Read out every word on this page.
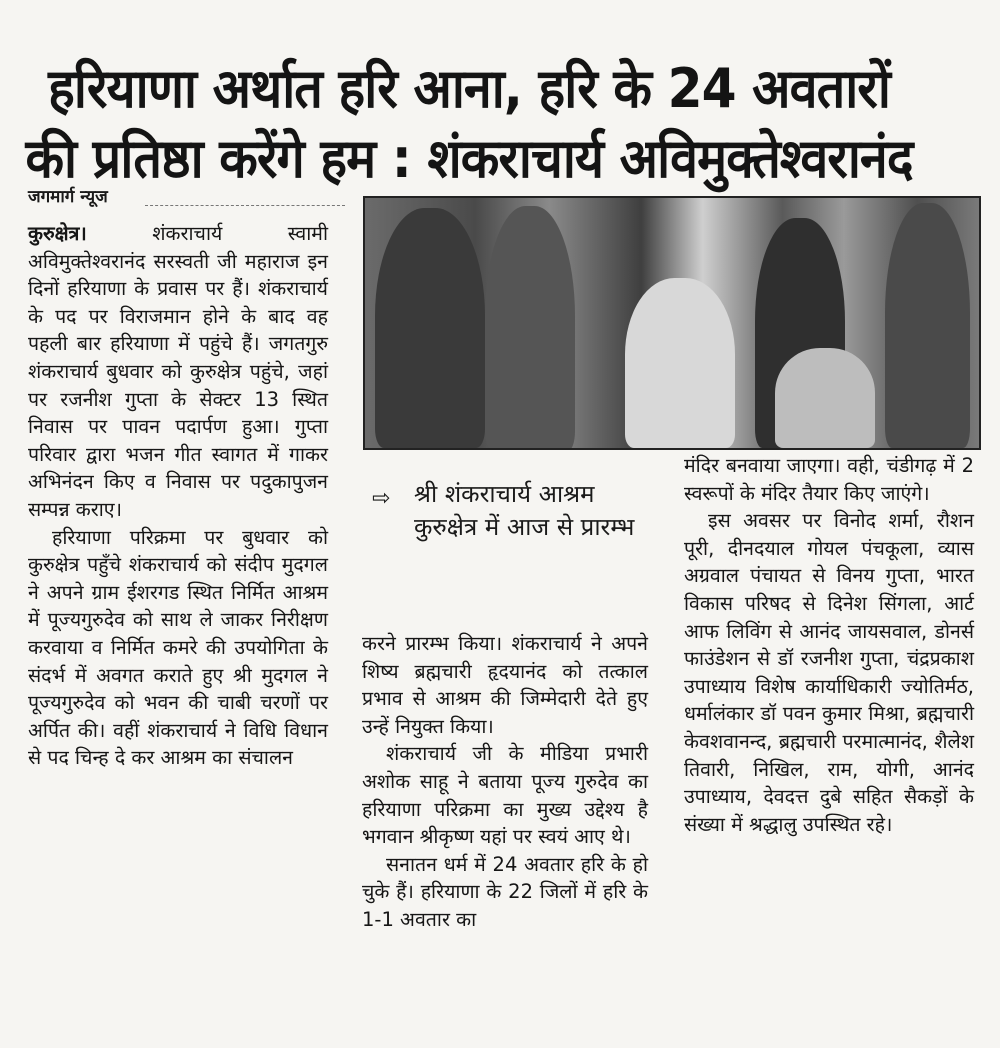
हरियाणा अर्थात हरि आना, हरि के 24 अवतारों
की प्रतिष्ठा करेंगे हम : शंकराचार्य अविमुक्तेश्वरानंद
जगमार्ग न्यूज

कुरुक्षेत्र।	शंकराचार्य स्वामी अविमुक्तेश्वरानंद सरस्वती जी महाराज इन दिनों हरियाणा के प्रवास पर हैं। शंकराचार्य के पद पर विराजमान होने के बाद वह पहली बार हरियाणा में पहुंचे हैं। जगतगुरु शंकराचार्य बुधवार को कुरुक्षेत्र पहुंचे, जहां पर रजनीश गुप्ता के सेक्टर 13 स्थित निवास पर पावन पदार्पण हुआ। गुप्ता परिवार द्वारा भजन गीत स्वागत में गाकर अभिनंदन किए व निवास पर पदुकापुजन सम्पन्न कराए।

हरियाणा परिक्रमा पर बुधवार को कुरुक्षेत्र पहुँचे शंकराचार्य को संदीप मुदगल ने अपने ग्राम ईशरगड स्थित निर्मित आश्रम में पूज्यगुरुदेव को साथ ले जाकर निरीक्षण करवाया व निर्मित कमरे की उपयोगिता के संदर्भ में अवगत कराते हुए श्री मुदगल ने पूज्यगुरुदेव को भवन की चाबी चरणों पर अर्पित की। वहीं शंकराचार्य ने विधि विधान से पद चिन्ह दे कर आश्रम का संचालन

⇨ श्री शंकराचार्य आश्रम कुरुक्षेत्र में आज से प्रारम्भ

करने प्रारम्भ किया। शंकराचार्य ने अपने शिष्य ब्रह्मचारी हृदयानंद को तत्काल प्रभाव से आश्रम की जिम्मेदारी देते हुए उन्हें नियुक्त किया।

शंकराचार्य जी के मीडिया प्रभारी अशोक साहू ने बताया पूज्य गुरुदेव का हरियाणा परिक्रमा का मुख्य उद्देश्य है भगवान श्रीकृष्ण यहां पर स्वयं आए थे।

सनातन धर्म में 24 अवतार हरि के हो चुके हैं। हरियाणा के 22 जिलों में हरि के 1-1 अवतार का

मंदिर बनवाया जाएगा। वही, चंडीगढ़ में 2 स्वरूपों के मंदिर तैयार किए जाएंगे।

इस अवसर पर विनोद शर्मा, रौशन पूरी, दीनदयाल गोयल पंचकूला, व्यास अग्रवाल पंचायत से विनय गुप्ता, भारत विकास परिषद से दिनेश सिंगला, आर्ट आफ लिविंग से आनंद जायसवाल, डोनर्स फाउंडेशन से डॉ रजनीश गुप्ता, चंद्रप्रकाश उपाध्याय विशेष कार्याधिकारी ज्योतिर्मठ, धर्मालंकार डॉ पवन कुमार मिश्रा, ब्रह्मचारी केवशवानन्द, ब्रह्मचारी परमात्मानंद, शैलेश तिवारी, निखिल, राम, योगी, आनंद उपाध्याय, देवदत्त दुबे सहित सैकड़ों के संख्या में श्रद्धालु उपस्थित रहे।
